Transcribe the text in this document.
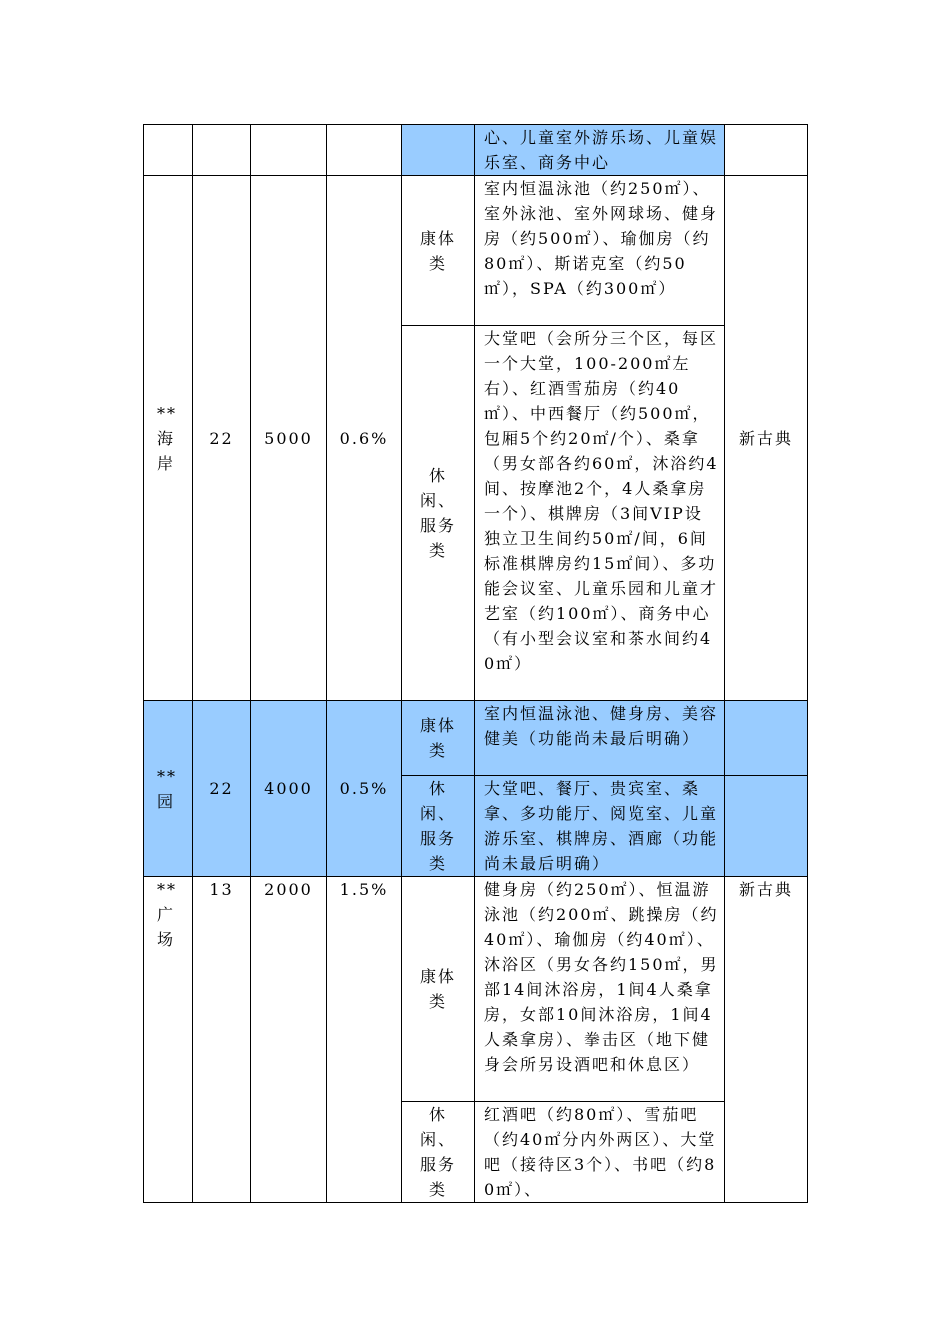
					心、儿童室外游乐场、儿童娱乐室、商务中心	
**
海
岸	22	5000	0.6%	康体类	室内恒温泳池（约250㎡）、室外泳池、室外网球场、健身房（约500㎡）、瑜伽房（约80㎡）、斯诺克室（约50㎡），SPA（约300㎡）	新古典
				休闲、服务类	大堂吧（会所分三个区，每区一个大堂，100-200㎡左右）、红酒雪茄房（约40㎡）、中西餐厅（约500㎡，包厢5个约20㎡/个）、桑拿（男女部各约60㎡，沐浴约4间、按摩池2个，4人桑拿房一个）、棋牌房（3间VIP设独立卫生间约50㎡/间，6间标准棋牌房约15㎡间）、多功能会议室、儿童乐园和儿童才艺室（约100㎡）、商务中心（有小型会议室和茶水间约40㎡）	
**
园	22	4000	0.5%	康体类	室内恒温泳池、健身房、美容健美（功能尚未最后明确）	
				休闲、服务类	大堂吧、餐厅、贵宾室、桑拿、多功能厅、阅览室、儿童游乐室、棋牌房、酒廊（功能尚未最后明确）	
**
广
场	13	2000	1.5%	康体类	健身房（约250㎡）、恒温游泳池（约200㎡、跳操房（约40㎡）、瑜伽房（约40㎡）、沐浴区（男女各约150㎡，男部14间沐浴房，1间4人桑拿房，女部10间沐浴房，1间4人桑拿房）、拳击区（地下健身会所另设酒吧和休息区）	新古典
				休闲、服务类	红酒吧（约80㎡）、雪茄吧（约40㎡分内外两区）、大堂吧（接待区3个）、书吧（约80㎡）、	
